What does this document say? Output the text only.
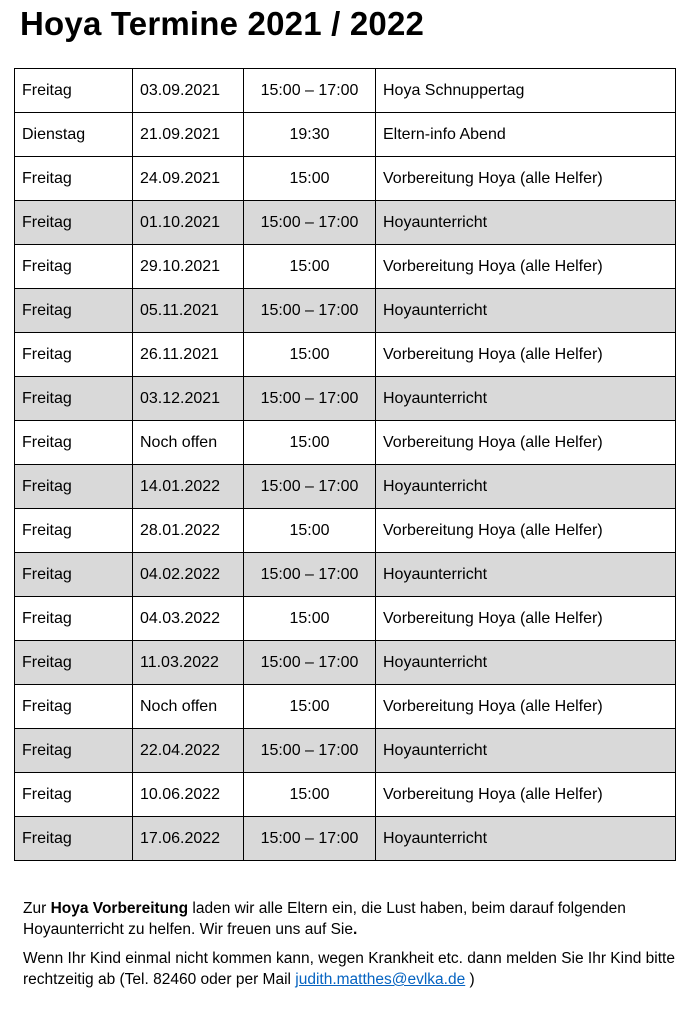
Hoya Termine 2021 / 2022
Freitag	03.09.2021	15:00 – 17:00	Hoya Schnuppertag
Dienstag	21.09.2021	19:30	Eltern-info Abend
Freitag	24.09.2021	15:00	Vorbereitung Hoya (alle Helfer)
Freitag	01.10.2021	15:00 – 17:00	Hoyaunterricht
Freitag	29.10.2021	15:00	Vorbereitung Hoya (alle Helfer)
Freitag	05.11.2021	15:00 – 17:00	Hoyaunterricht
Freitag	26.11.2021	15:00	Vorbereitung Hoya (alle Helfer)
Freitag	03.12.2021	15:00 – 17:00	Hoyaunterricht
Freitag	Noch offen	15:00	Vorbereitung Hoya (alle Helfer)
Freitag	14.01.2022	15:00 – 17:00	Hoyaunterricht
Freitag	28.01.2022	15:00	Vorbereitung Hoya (alle Helfer)
Freitag	04.02.2022	15:00 – 17:00	Hoyaunterricht
Freitag	04.03.2022	15:00	Vorbereitung Hoya (alle Helfer)
Freitag	11.03.2022	15:00 – 17:00	Hoyaunterricht
Freitag	Noch offen	15:00	Vorbereitung Hoya (alle Helfer)
Freitag	22.04.2022	15:00 – 17:00	Hoyaunterricht
Freitag	10.06.2022	15:00	Vorbereitung Hoya (alle Helfer)
Freitag	17.06.2022	15:00 – 17:00	Hoyaunterricht

Zur Hoya Vorbereitung laden wir alle Eltern ein, die Lust haben, beim darauf folgenden Hoyaunterricht zu helfen. Wir freuen uns auf Sie.

Wenn Ihr Kind einmal nicht kommen kann, wegen Krankheit etc. dann melden Sie Ihr Kind bitte rechtzeitig ab (Tel. 82460 oder per Mail judith.matthes@evlka.de )
